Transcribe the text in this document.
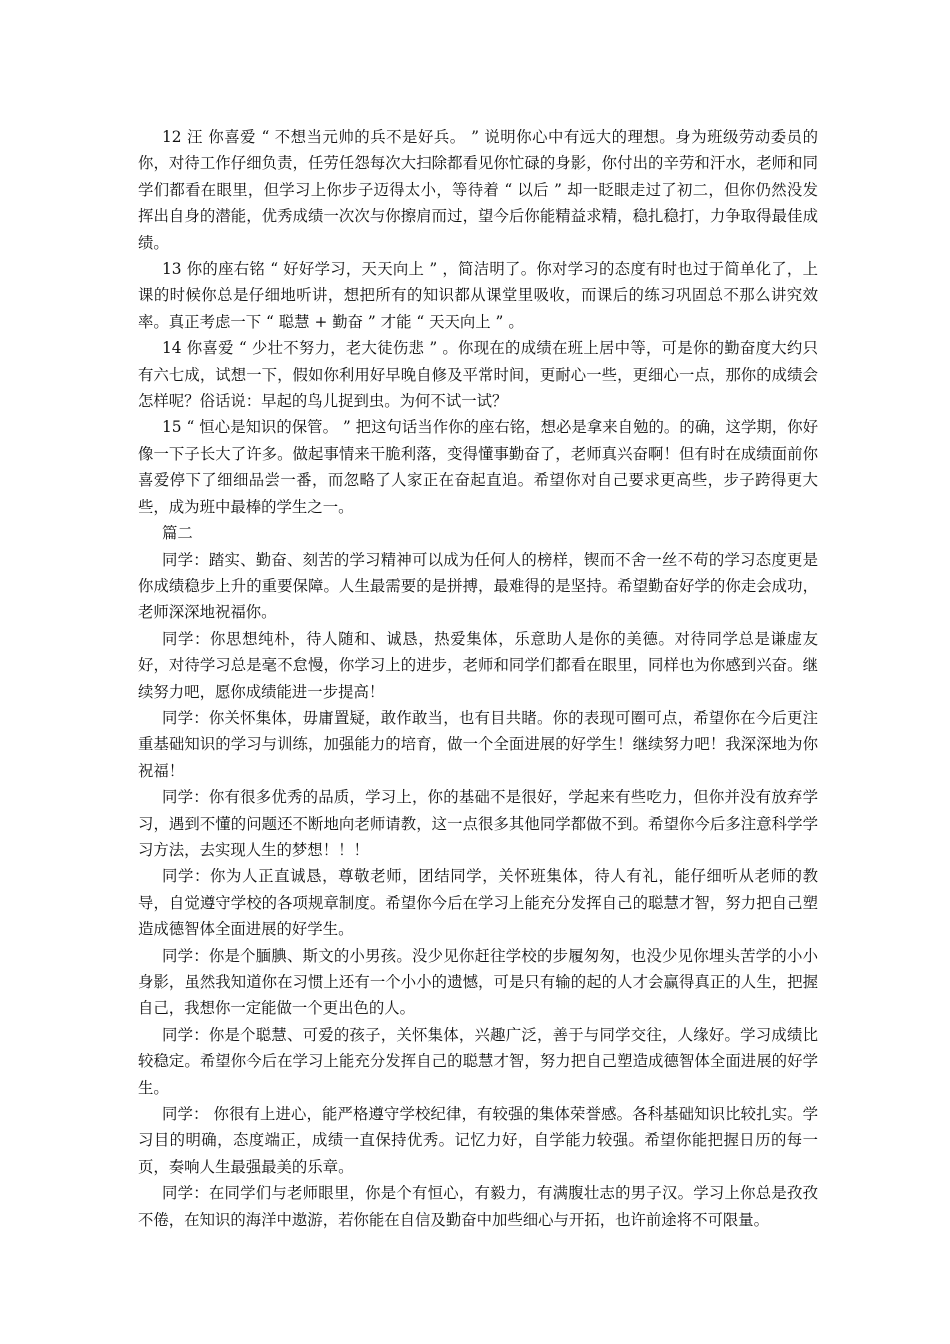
12 汪 你喜爱 “ 不想当元帅的兵不是好兵。 ” 说明你心中有远大的理想。身为班级劳动委员的你，对待工作仔细负责，任劳任怨每次大扫除都看见你忙碌的身影，你付出的辛劳和汗水，老师和同学们都看在眼里，但学习上你步子迈得太小，等待着 “ 以后 ” 却一眨眼走过了初二，但你仍然没发挥出自身的潜能，优秀成绩一次次与你擦肩而过，望今后你能精益求精，稳扎稳打，力争取得最佳成绩。

13 你的座右铭 “ 好好学习，天天向上 ” ，简洁明了。你对学习的态度有时也过于简单化了，上课的时候你总是仔细地听讲，想把所有的知识都从课堂里吸收，而课后的练习巩固总不那么讲究效率。真正考虑一下 “ 聪慧 + 勤奋 ” 才能 “ 天天向上 ” 。

14 你喜爱 “ 少壮不努力，老大徒伤悲 ” 。你现在的成绩在班上居中等，可是你的勤奋度大约只有六七成，试想一下，假如你利用好早晚自修及平常时间，更耐心一些，更细心一点，那你的成绩会怎样呢？俗话说：早起的鸟儿捉到虫。为何不试一试？

15 “ 恒心是知识的保管。 ” 把这句话当作你的座右铭，想必是拿来自勉的。的确，这学期，你好像一下子长大了许多。做起事情来干脆利落，变得懂事勤奋了，老师真兴奋啊！但有时在成绩面前你喜爱停下了细细品尝一番，而忽略了人家正在奋起直追。希望你对自己要求更高些，步子跨得更大些，成为班中最棒的学生之一。

篇二

同学：踏实、勤奋、刻苦的学习精神可以成为任何人的榜样，锲而不舍一丝不苟的学习态度更是你成绩稳步上升的重要保障。人生最需要的是拼搏，最难得的是坚持。希望勤奋好学的你走会成功，老师深深地祝福你。

同学：你思想纯朴，待人随和、诚恳，热爱集体，乐意助人是你的美德。对待同学总是谦虚友好，对待学习总是毫不怠慢，你学习上的进步，老师和同学们都看在眼里，同样也为你感到兴奋。继续努力吧，愿你成绩能进一步提高！

同学：你关怀集体，毋庸置疑，敢作敢当，也有目共睹。你的表现可圈可点，希望你在今后更注重基础知识的学习与训练，加强能力的培育，做一个全面进展的好学生！继续努力吧！我深深地为你祝福！

同学：你有很多优秀的品质，学习上，你的基础不是很好，学起来有些吃力，但你并没有放弃学习，遇到不懂的问题还不断地向老师请教，这一点很多其他同学都做不到。希望你今后多注意科学学习方法，去实现人生的梦想！！！

同学：你为人正直诚恳，尊敬老师，团结同学，关怀班集体，待人有礼，能仔细听从老师的教导，自觉遵守学校的各项规章制度。希望你今后在学习上能充分发挥自己的聪慧才智，努力把自己塑造成德智体全面进展的好学生。

同学：你是个腼腆、斯文的小男孩。没少见你赶往学校的步履匆匆，也没少见你埋头苦学的小小身影，虽然我知道你在习惯上还有一个小小的遗憾，可是只有输的起的人才会赢得真正的人生，把握自己，我想你一定能做一个更出色的人。

同学：你是个聪慧、可爱的孩子，关怀集体，兴趣广泛，善于与同学交往，人缘好。学习成绩比较稳定。希望你今后在学习上能充分发挥自己的聪慧才智，努力把自己塑造成德智体全面进展的好学生。

同学： 你很有上进心，能严格遵守学校纪律，有较强的集体荣誉感。各科基础知识比较扎实。学习目的明确，态度端正，成绩一直保持优秀。记忆力好，自学能力较强。希望你能把握日历的每一页，奏响人生最强最美的乐章。

同学：在同学们与老师眼里，你是个有恒心，有毅力，有满腹壮志的男子汉。学习上你总是孜孜不倦，在知识的海洋中遨游，若你能在自信及勤奋中加些细心与开拓，也许前途将不可限量。
